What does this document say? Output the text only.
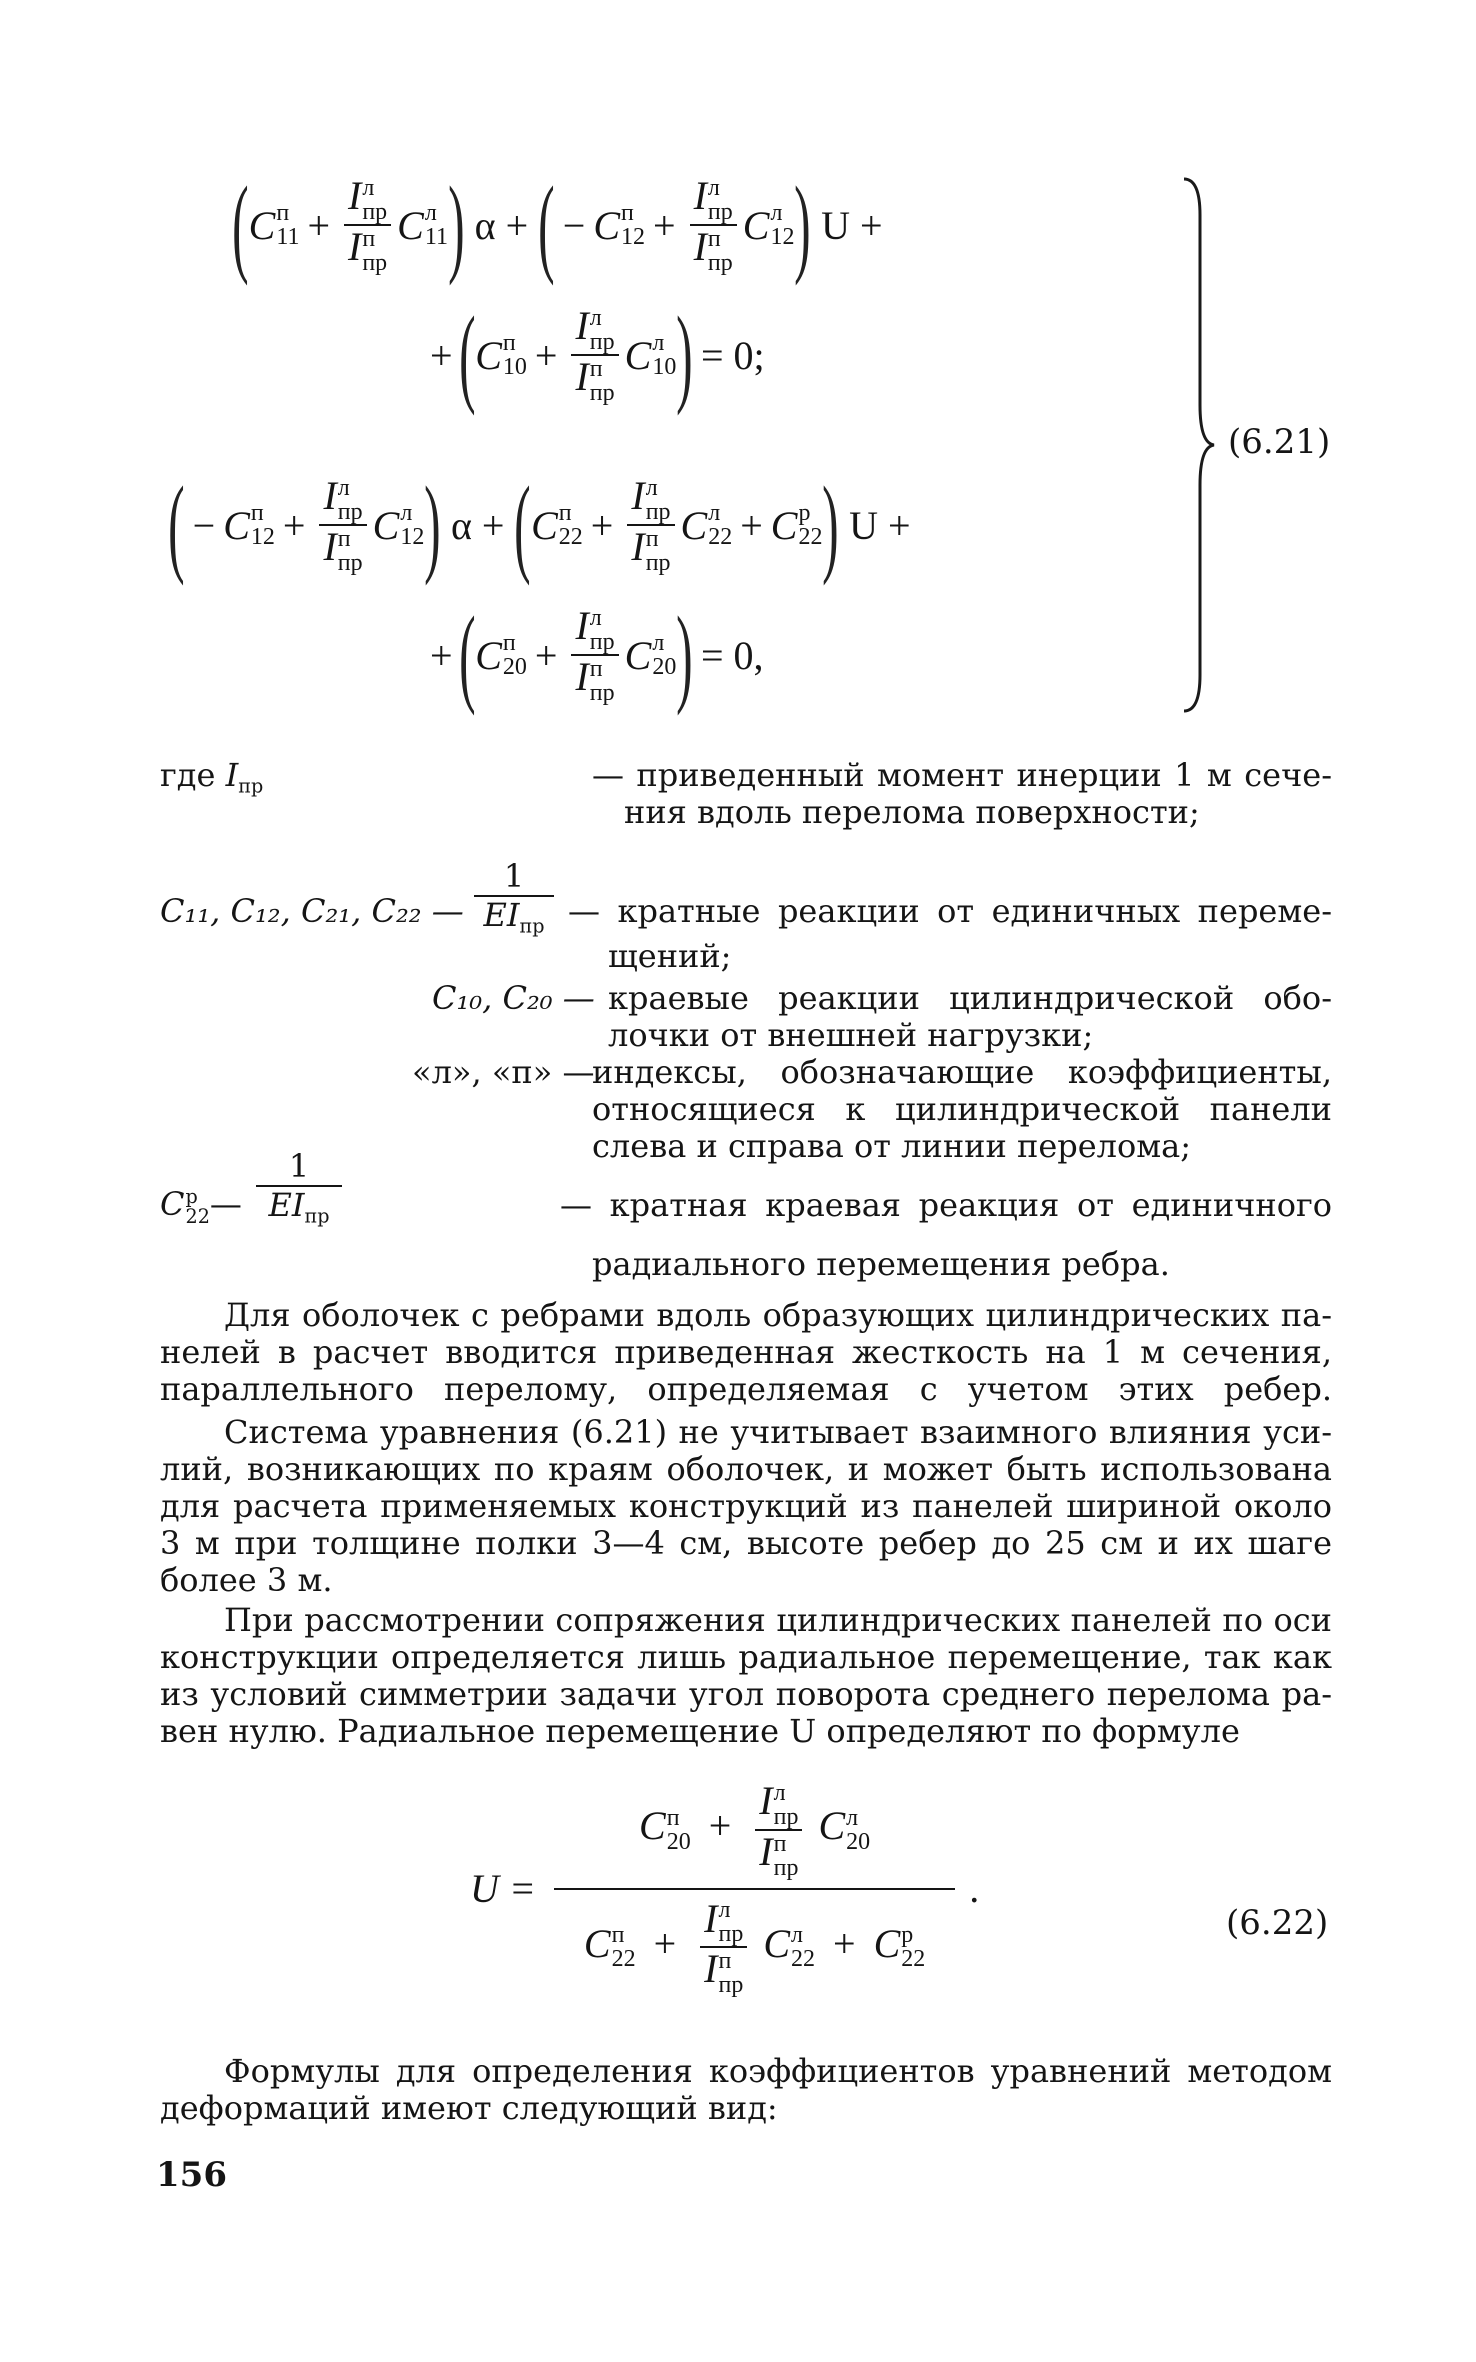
( C п
11 + I л
пр
I п
пр C л
11 ) α + ( − C п
12 + I л
пр
I п
пр C л
12 ) U +
+ ( C п
10 + I л
пр
I п
пр C л
10 ) = 0;
( − C п
12 + I л
пр
I п
пр C л
12 ) α + ( C п
22 + I л
пр
I п
пр C л
22 + C р
22 ) U +
+ ( C п
20 + I л
пр
I п
пр C л
20 ) = 0,
(6.21)
где $I_{пр}$	— приведенный момент инерции 1 м сече-
ния вдоль перелома поверхности;
C₁₁, C₁₂, C₂₁, C₂₂ —
1
$EI_{пр}$ — кратные реакции от единичных переме-
щений;
C₁₀, C₂₀ — краевые реакции цилиндрической обо-
лочки от внешней нагрузки;
«л», «п» —
индексы, обозначающие коэффициенты,
относящиеся к цилиндрической панели
слева и справа от линии перелома;
C р
22 —
1
$EI_{пр}$	— кратная краевая реакция от единичного
радиального перемещения ребра.
Для оболочек с ребрами вдоль образующих цилиндрических па-
нелей в расчет вводится приведенная жесткость на 1 м сечения,
параллельного перелому, определяемая с учетом этих ребер.
Система уравнения (6.21) не учитывает взаимного влияния уси-
лий, возникающих по краям оболочек, и может быть использована
для расчета применяемых конструкций из панелей шириной около
3 м при толщине полки 3—4 см, высоте ребер до 25 см и их шаге
более 3 м.
При рассмотрении сопряжения цилиндрических панелей по оси
конструкции определяется лишь радиальное перемещение, так как
из условий симметрии задачи угол поворота среднего перелома ра-
вен нулю. Радиальное перемещение U определяют по формуле
U =
C п
20 + I л
пр
I п
пр C л
20
C п
22 + I л
пр
I п
пр C л
22 + C р
22
.
(6.22)
Формулы для определения коэффициентов уравнений методом
деформаций имеют следующий вид:
156
